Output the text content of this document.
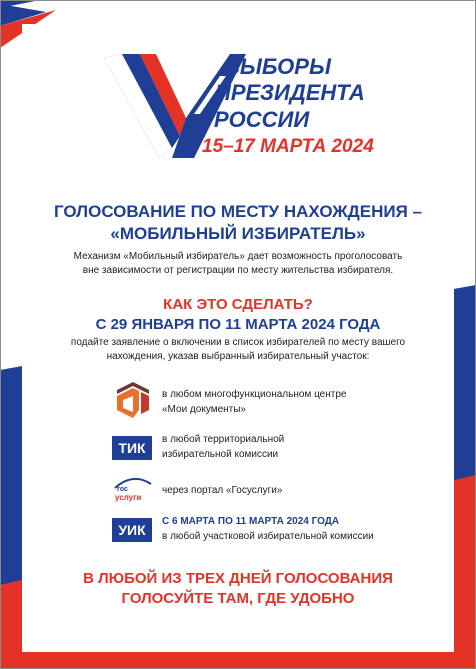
ВЫБОРЫ
ПРЕЗИДЕНТА
РОССИИ
15–17 МАРТА 2024
ГОЛОСОВАНИЕ ПО МЕСТУ НАХОЖДЕНИЯ –
«МОБИЛЬНЫЙ ИЗБИРАТЕЛЬ»
Механизм «Мобильный избиратель» дает возможность проголосовать
вне зависимости от регистрации по месту жительства избирателя.
КАК ЭТО СДЕЛАТЬ?
С 29 ЯНВАРЯ ПО 11 МАРТА 2024 ГОДА
подайте заявление о включении в список избирателей по месту вашего
нахождения, указав выбранный избирательный участок:
в любом многофункциональном центре
«Мои документы»
ТИК
в любой территориальной
избирательной комиссии
гос
услуги
через портал «Госуслуги»
УИК
С 6 МАРТА ПО 11 МАРТА 2024 ГОДА
в любой участковой избирательной комиссии
В ЛЮБОЙ ИЗ ТРЕХ ДНЕЙ ГОЛОСОВАНИЯ
ГОЛОСУЙТЕ ТАМ, ГДЕ УДОБНО
